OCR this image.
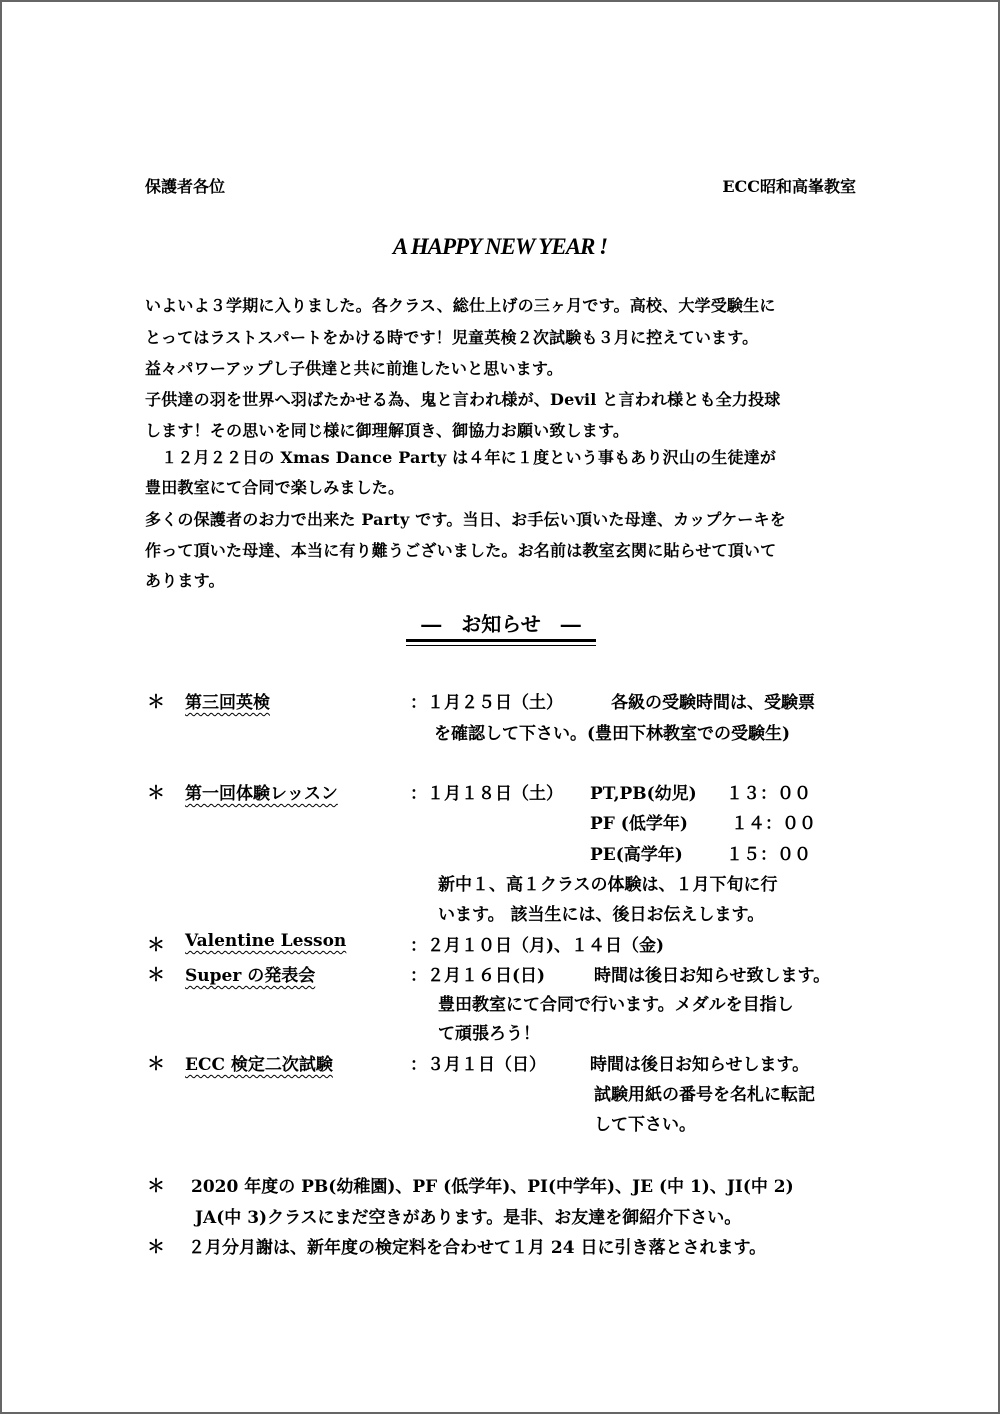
保護者各位	ECC昭和高峯教室
A HAPPY NEW YEAR !
いよいよ３学期に入りました。各クラス、総仕上げの三ヶ月です。高校、大学受験生に
とってはラストスパートをかける時です！児童英検２次試験も３月に控えています。
益々パワーアップし子供達と共に前進したいと思います。
子供達の羽を世界へ羽ばたかせる為、鬼と言われ様が、Devil と言われ様とも全力投球
します！その思いを同じ様に御理解頂き、御協力お願い致します。
　１２月２２日の Xmas Dance Party は４年に１度という事もあり沢山の生徒達が
豊田教室にて合同で楽しみました。
多くの保護者のお力で出来た Party です。当日、お手伝い頂いた母達、カップケーキを
作って頂いた母達、本当に有り難うございました。お名前は教室玄関に貼らせて頂いて
あります。
―　お知らせ　―
＊ 第三回英検	：１月２５日（土）	各級の受験時間は、受験票
を確認して下さい。(豊田下林教室での受験生)
＊ 第一回体験レッスン	：１月１８日（土） PT,PB(幼児) １３：００
PF (低学年)	１４：００
PE(高学年)	１５：００
新中１、高１クラスの体験は、１月下旬に行
います。 該当生には、後日お伝えします。
＊ Valentine Lesson	：２月１０日（月)、１４日（金)
＊ Super の発表会	：２月１６日(日)	時間は後日お知らせ致します。
豊田教室にて合同で行います。メダルを目指し
て頑張ろう！
＊ ECC 検定二次試験	：３月１日（日）	時間は後日お知らせします。
試験用紙の番号を名札に転記
して下さい。
＊ 2020 年度の PB(幼稚園)、PF (低学年)、PI(中学年)、JE (中 1)、JI(中 2)
JA(中 3)クラスにまだ空きがあります。是非、お友達を御紹介下さい。
＊ ２月分月謝は、新年度の検定料を合わせて１月 24 日に引き落とされます。
